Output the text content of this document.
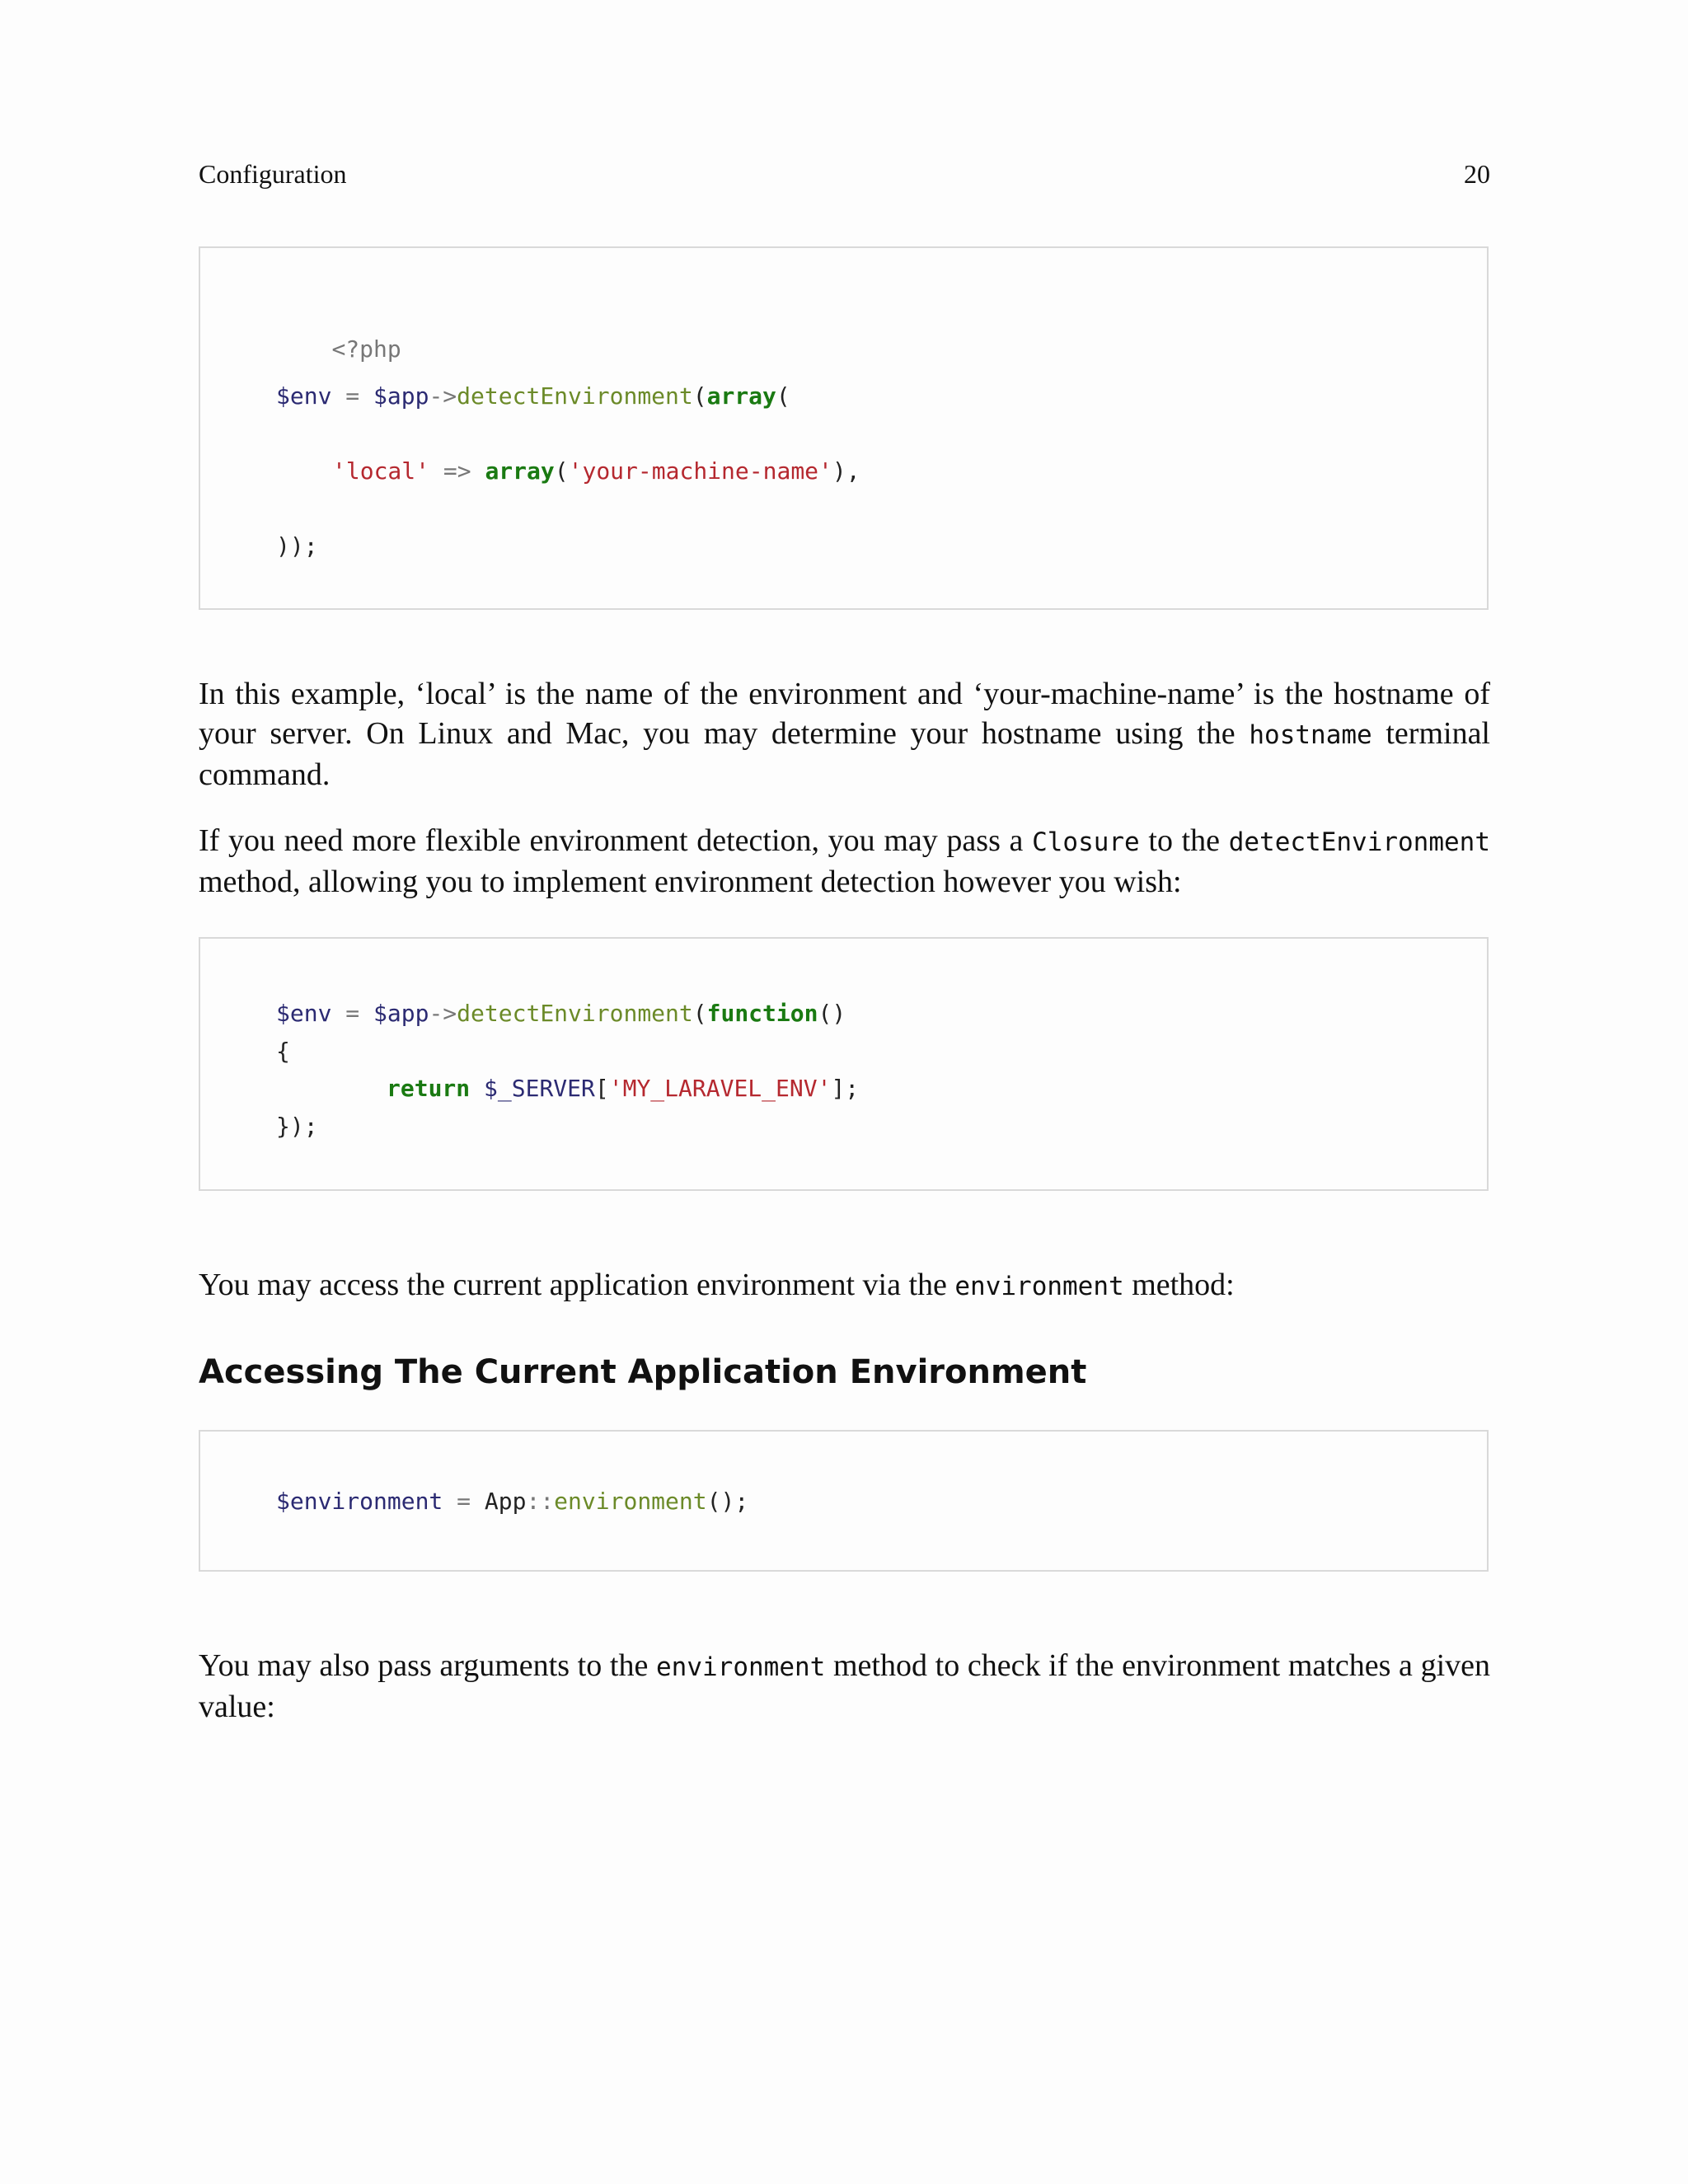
Configuration	20

<?php

$env = $app->detectEnvironment(array(
'local' => array('your-machine-name'),
));

In this example, ‘local’ is the name of the environment and ‘your-machine-name’ is the hostname of your server. On Linux and Mac, you may determine your hostname using the hostname terminal command.

If you need more flexible environment detection, you may pass a Closure to the detectEnvironment method, allowing you to implement environment detection however you wish:

$env = $app->detectEnvironment(function()
{
return $_SERVER['MY_LARAVEL_ENV'];
});

You may access the current application environment via the environment method:

Accessing The Current Application Environment
$environment = App::environment();

You may also pass arguments to the environment method to check if the environment matches a given value:
